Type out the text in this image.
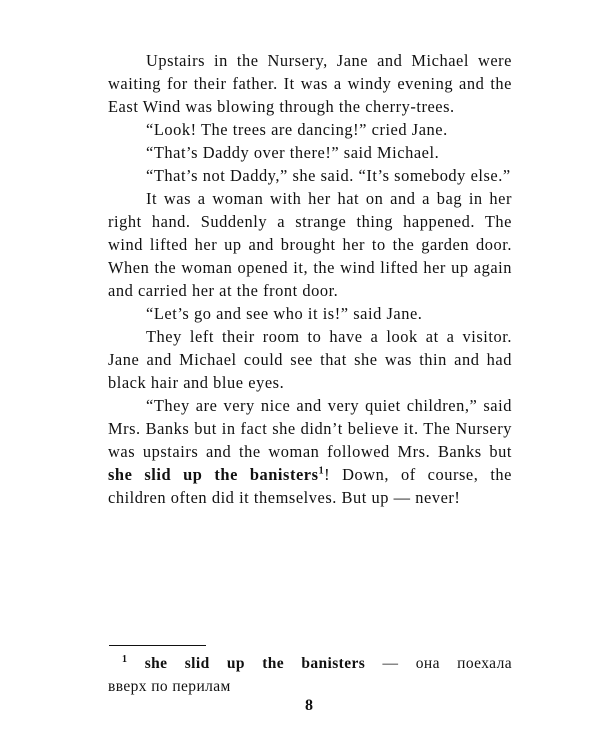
Upstairs in the Nursery, Jane and Michael were waiting for their father. It was a windy evening and the East Wind was blowing through the cherry-trees.

“Look! The trees are dancing!” cried Jane.

“That’s Daddy over there!” said Michael.

“That’s not Daddy,” she said. “It’s somebody else.”

It was a woman with her hat on and a bag in her right hand. Suddenly a strange thing happened. The wind lifted her up and brought her to the garden door. When the woman opened it, the wind lifted her up again and carried her at the front door.

“Let’s go and see who it is!” said Jane.

They left their room to have a look at a visitor. Jane and Michael could see that she was thin and had black hair and blue eyes.

“They are very nice and very quiet children,” said Mrs. Banks but in fact she didn’t believe it. The Nursery was upstairs and the woman followed Mrs. Banks but she slid up the banisters$^1$! Down, of course, the children often did it themselves. But up — never!

$^1$ she slid up the banisters — она поехала
вверх по перилам

8
